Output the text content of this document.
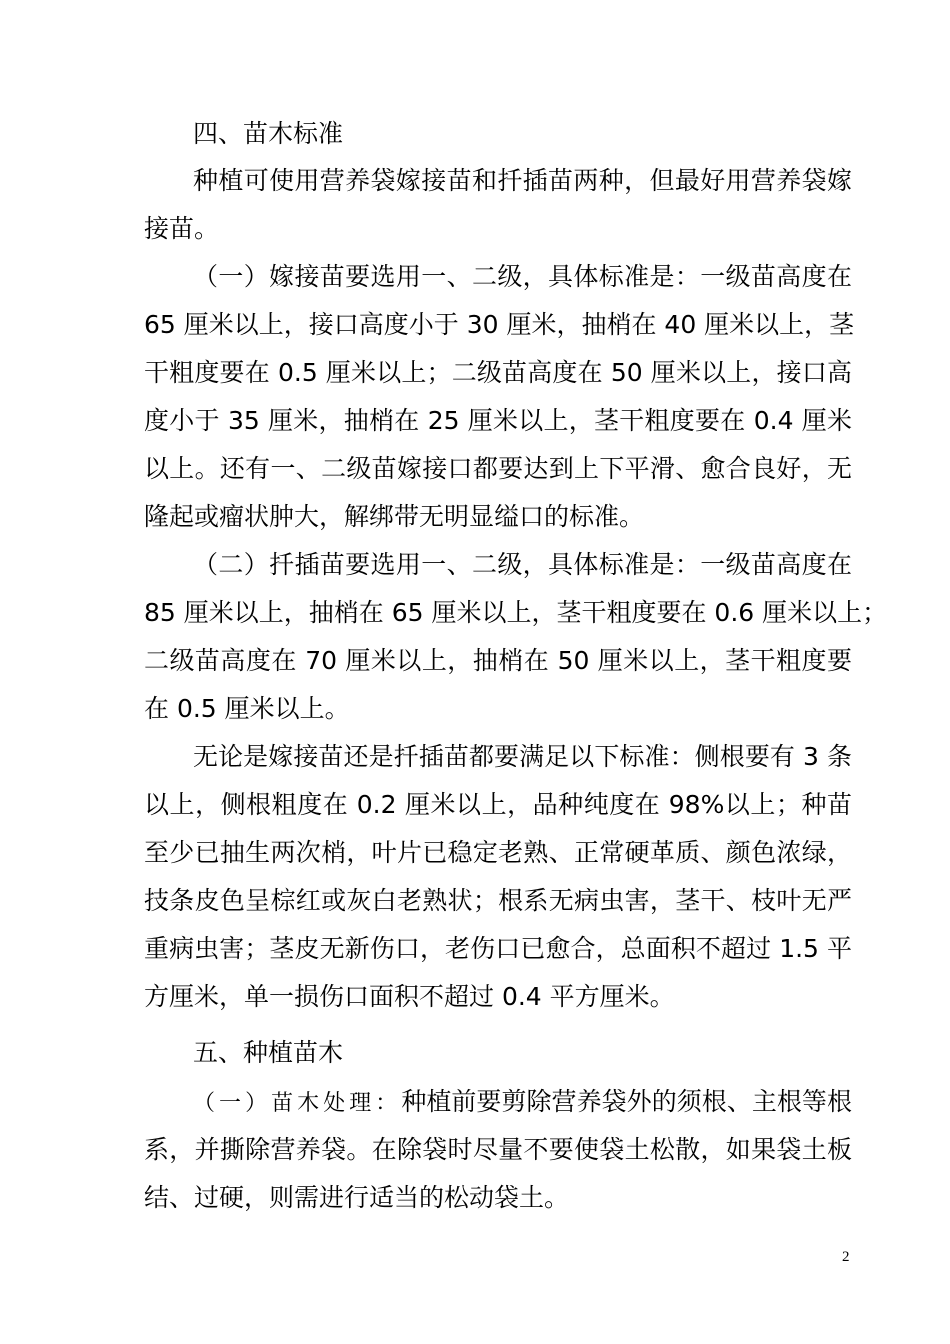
四、苗木标准
种植可使用营养袋嫁接苗和扦插苗两种，但最好用营养袋嫁
接苗。
（一）嫁接苗要选用一、二级，具体标准是：一级苗高度在
65 厘米以上，接口高度小于 30 厘米，抽梢在 40 厘米以上，茎
干粗度要在 0.5 厘米以上；二级苗高度在 50 厘米以上，接口高
度小于 35 厘米，抽梢在 25 厘米以上，茎干粗度要在 0.4 厘米
以上。还有一、二级苗嫁接口都要达到上下平滑、愈合良好，无
隆起或瘤状肿大，解绑带无明显缢口的标准。
（二）扦插苗要选用一、二级，具体标准是：一级苗高度在
85 厘米以上，抽梢在 65 厘米以上，茎干粗度要在 0.6 厘米以上；
二级苗高度在 70 厘米以上，抽梢在 50 厘米以上，茎干粗度要
在 0.5 厘米以上。
无论是嫁接苗还是扦插苗都要满足以下标准：侧根要有 3 条
以上，侧根粗度在 0.2 厘米以上，品种纯度在 98%以上；种苗
至少已抽生两次梢，叶片已稳定老熟、正常硬革质、颜色浓绿，
技条皮色呈棕红或灰白老熟状；根系无病虫害，茎干、枝叶无严
重病虫害；茎皮无新伤口，老伤口已愈合，总面积不超过 1.5 平
方厘米，单一损伤口面积不超过 0.4 平方厘米。
五、种植苗木
（一）苗木处理：种植前要剪除营养袋外的须根、主根等根
系，并撕除营养袋。在除袋时尽量不要使袋土松散，如果袋土板
结、过硬，则需进行适当的松动袋土。
2
